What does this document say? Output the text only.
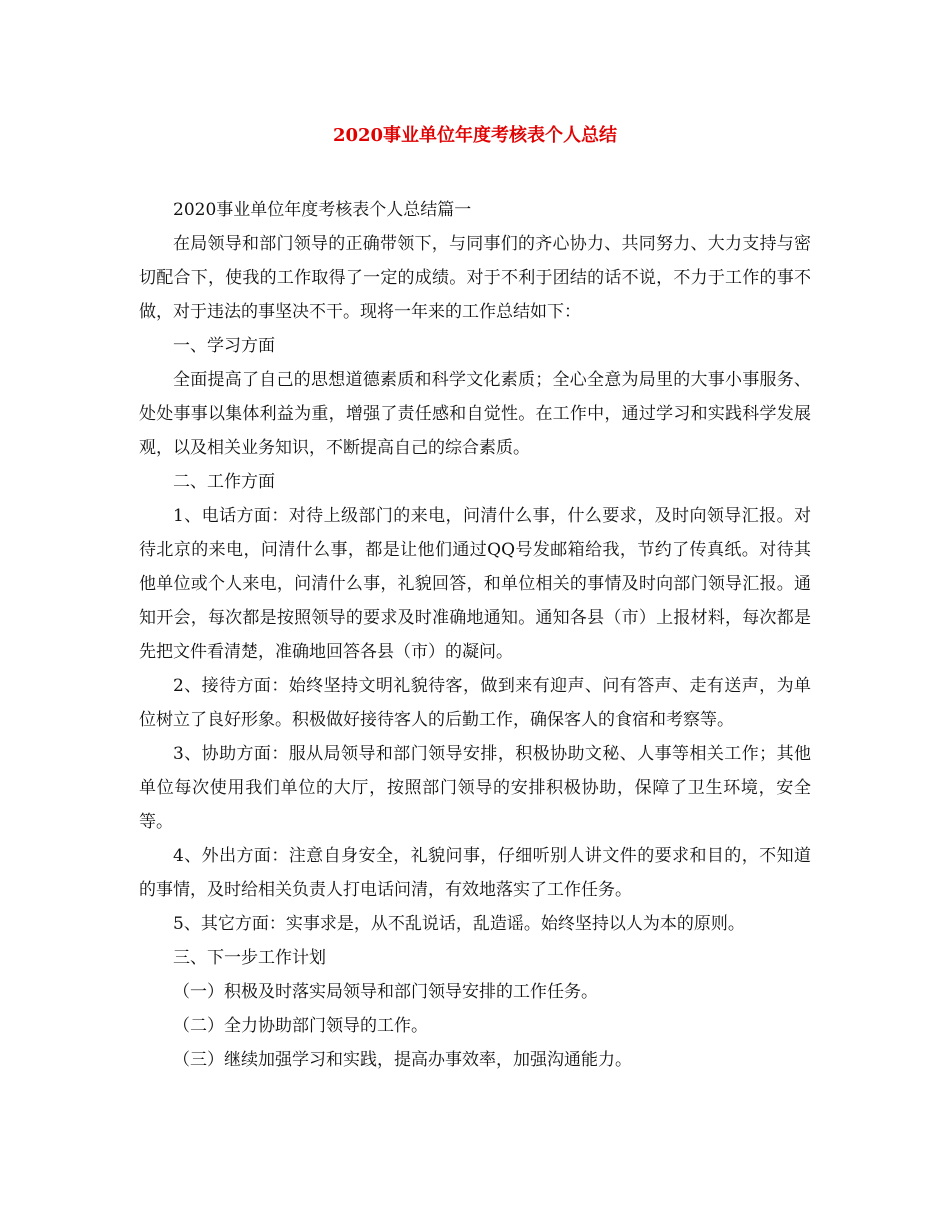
2020事业单位年度考核表个人总结

2020事业单位年度考核表个人总结篇一

在局领导和部门领导的正确带领下，与同事们的齐心协力、共同努力、大力支持与密切配合下，使我的工作取得了一定的成绩。对于不利于团结的话不说，不力于工作的事不做，对于违法的事坚决不干。现将一年来的工作总结如下：

一、学习方面

全面提高了自己的思想道德素质和科学文化素质；全心全意为局里的大事小事服务、处处事事以集体利益为重，增强了责任感和自觉性。在工作中，通过学习和实践科学发展观，以及相关业务知识，不断提高自己的综合素质。

二、工作方面

1、电话方面：对待上级部门的来电，问清什么事，什么要求，及时向领导汇报。对待北京的来电，问清什么事，都是让他们通过QQ号发邮箱给我，节约了传真纸。对待其他单位或个人来电，问清什么事，礼貌回答，和单位相关的事情及时向部门领导汇报。通知开会，每次都是按照领导的要求及时准确地通知。通知各县（市）上报材料，每次都是先把文件看清楚，准确地回答各县（市）的凝问。

2、接待方面：始终坚持文明礼貌待客，做到来有迎声、问有答声、走有送声，为单位树立了良好形象。积极做好接待客人的后勤工作，确保客人的食宿和考察等。

3、协助方面：服从局领导和部门领导安排，积极协助文秘、人事等相关工作；其他单位每次使用我们单位的大厅，按照部门领导的安排积极协助，保障了卫生环境，安全等。

4、外出方面：注意自身安全，礼貌问事，仔细听别人讲文件的要求和目的，不知道的事情，及时给相关负责人打电话问清，有效地落实了工作任务。

5、其它方面：实事求是，从不乱说话，乱造谣。始终坚持以人为本的原则。

三、下一步工作计划

（一）积极及时落实局领导和部门领导安排的工作任务。

（二）全力协助部门领导的工作。

（三）继续加强学习和实践，提高办事效率，加强沟通能力。
